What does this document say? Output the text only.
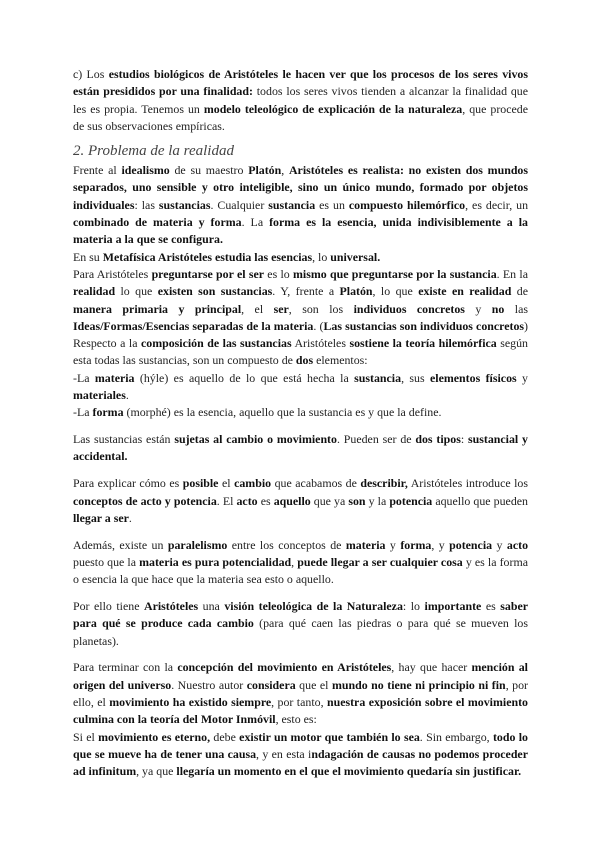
c) Los estudios biológicos de Aristóteles le hacen ver que los procesos de los seres vivos están presididos por una finalidad: todos los seres vivos tienden a alcanzar la finalidad que les es propia. Tenemos un modelo teleológico de explicación de la naturaleza, que procede de sus observaciones empíricas.

2. Problema de la realidad

Frente al idealismo de su maestro Platón, Aristóteles es realista: no existen dos mundos separados, uno sensible y otro inteligible, sino un único mundo, formado por objetos individuales: las sustancias. Cualquier sustancia es un compuesto hilemórfico, es decir, un combinado de materia y forma. La forma es la esencia, unida indivisiblemente a la materia a la que se configura.

En su Metafísica Aristóteles estudia las esencias, lo universal.

Para Aristóteles preguntarse por el ser es lo mismo que preguntarse por la sustancia. En la realidad lo que existen son sustancias. Y, frente a Platón, lo que existe en realidad de manera primaria y principal, el ser, son los individuos concretos y no las Ideas/Formas/Esencias separadas de la materia. (Las sustancias son individuos concretos) Respecto a la composición de las sustancias Aristóteles sostiene la teoría hilemórfica según esta todas las sustancias, son un compuesto de dos elementos:

-La materia (hýle) es aquello de lo que está hecha la sustancia, sus elementos físicos y materiales.

-La forma (morphé) es la esencia, aquello que la sustancia es y que la define.

Las sustancias están sujetas al cambio o movimiento. Pueden ser de dos tipos: sustancial y accidental.

Para explicar cómo es posible el cambio que acabamos de describir, Aristóteles introduce los conceptos de acto y potencia. El acto es aquello que ya son y la potencia aquello que pueden llegar a ser.

Además, existe un paralelismo entre los conceptos de materia y forma, y potencia y acto puesto que la materia es pura potencialidad, puede llegar a ser cualquier cosa y es la forma o esencia la que hace que la materia sea esto o aquello.

Por ello tiene Aristóteles una visión teleológica de la Naturaleza: lo importante es saber para qué se produce cada cambio (para qué caen las piedras o para qué se mueven los planetas).

Para terminar con la concepción del movimiento en Aristóteles, hay que hacer mención al origen del universo. Nuestro autor considera que el mundo no tiene ni principio ni fin, por ello, el movimiento ha existido siempre, por tanto, nuestra exposición sobre el movimiento culmina con la teoría del Motor Inmóvil, esto es:

Si el movimiento es eterno, debe existir un motor que también lo sea. Sin embargo, todo lo que se mueve ha de tener una causa, y en esta indagación de causas no podemos proceder ad infinitum, ya que llegaría un momento en el que el movimiento quedaría sin justificar.
